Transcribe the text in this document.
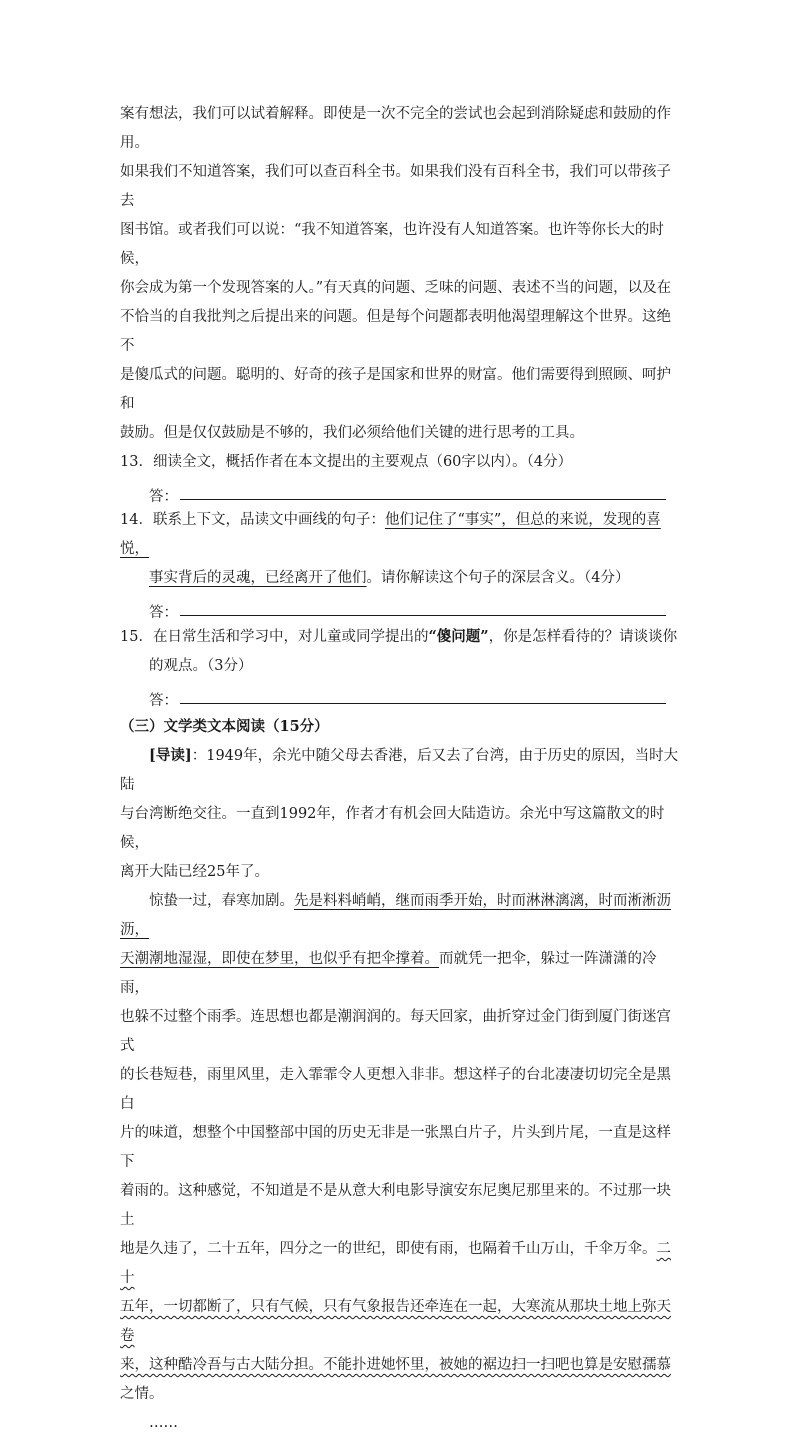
案有想法，我们可以试着解释。即使是一次不完全的尝试也会起到消除疑虑和鼓励的作用。

如果我们不知道答案，我们可以查百科全书。如果我们没有百科全书，我们可以带孩子去

图书馆。或者我们可以说：“我不知道答案，也许没有人知道答案。也许等你长大的时候，

你会成为第一个发现答案的人。”有天真的问题、乏味的问题、表述不当的问题，以及在

不恰当的自我批判之后提出来的问题。但是每个问题都表明他渴望理解这个世界。这绝不

是傻瓜式的问题。聪明的、好奇的孩子是国家和世界的财富。他们需要得到照顾、呵护和

鼓励。但是仅仅鼓励是不够的，我们必须给他们关键的进行思考的工具。

13．细读全文，概括作者在本文提出的主要观点（60字以内）。（4分）

答：

14．联系上下文，品读文中画线的句子：他们记住了“事实”，但总的来说，发现的喜悦，

事实背后的灵魂，已经离开了他们。请你解读这个句子的深层含义。（4分）

答：

15．在日常生活和学习中，对儿童或同学提出的“傻问题”，你是怎样看待的？请谈谈你

的观点。（3分）

答：

（三）文学类文本阅读（15分）

[导读]：1949年，余光中随父母去香港，后又去了台湾，由于历史的原因，当时大陆

与台湾断绝交往。一直到1992年，作者才有机会回大陆造访。余光中写这篇散文的时候，

离开大陆已经25年了。

惊蛰一过，春寒加剧。先是料料峭峭，继而雨季开始，时而淋淋漓漓，时而淅淅沥沥，

天潮潮地湿湿，即使在梦里，也似乎有把伞撑着。而就凭一把伞，躲过一阵潇潇的冷雨，

也躲不过整个雨季。连思想也都是潮润润的。每天回家，曲折穿过金门街到厦门街迷宫式

的长巷短巷，雨里风里，走入霏霏令人更想入非非。想这样子的台北凄凄切切完全是黑白

片的味道，想整个中国整部中国的历史无非是一张黑白片子，片头到片尾，一直是这样下

着雨的。这种感觉，不知道是不是从意大利电影导演安东尼奥尼那里来的。不过那一块土

地是久违了，二十五年，四分之一的世纪，即使有雨，也隔着千山万山，千伞万伞。二十

五年，一切都断了，只有气候，只有气象报告还牵连在一起，大寒流从那块土地上弥天卷

来，这种酷冷吾与古大陆分担。不能扑进她怀里，被她的裾边扫一扫吧也算是安慰孺慕

之情。

……
